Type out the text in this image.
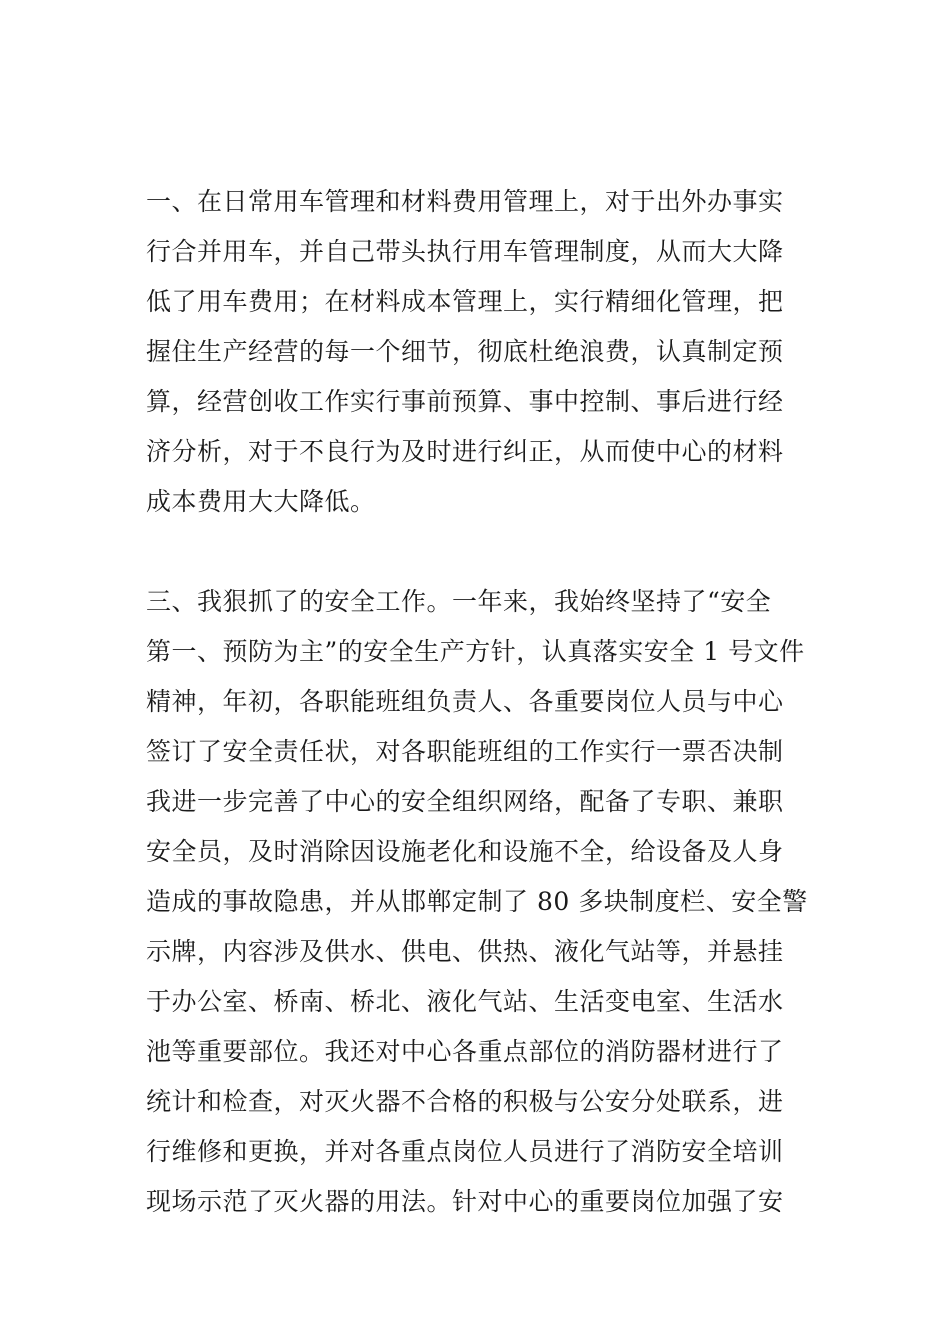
一、在日常用车管理和材料费用管理上，对于出外办事实
行合并用车，并自己带头执行用车管理制度，从而大大降
低了用车费用；在材料成本管理上，实行精细化管理，把
握住生产经营的每一个细节，彻底杜绝浪费，认真制定预
算，经营创收工作实行事前预算、事中控制、事后进行经
济分析，对于不良行为及时进行纠正，从而使中心的材料
成本费用大大降低。
三、我狠抓了的安全工作。一年来，我始终坚持了“安全
第一、预防为主”的安全生产方针，认真落实安全 1 号文件
精神，年初，各职能班组负责人、各重要岗位人员与中心
签订了安全责任状，对各职能班组的工作实行一票否决制
我进一步完善了中心的安全组织网络，配备了专职、兼职
安全员，及时消除因设施老化和设施不全，给设备及人身
造成的事故隐患，并从邯郸定制了 80 多块制度栏、安全警
示牌，内容涉及供水、供电、供热、液化气站等，并悬挂
于办公室、桥南、桥北、液化气站、生活变电室、生活水
池等重要部位。我还对中心各重点部位的消防器材进行了
统计和检查，对灭火器不合格的积极与公安分处联系，进
行维修和更换，并对各重点岗位人员进行了消防安全培训
现场示范了灭火器的用法。针对中心的重要岗位加强了安
